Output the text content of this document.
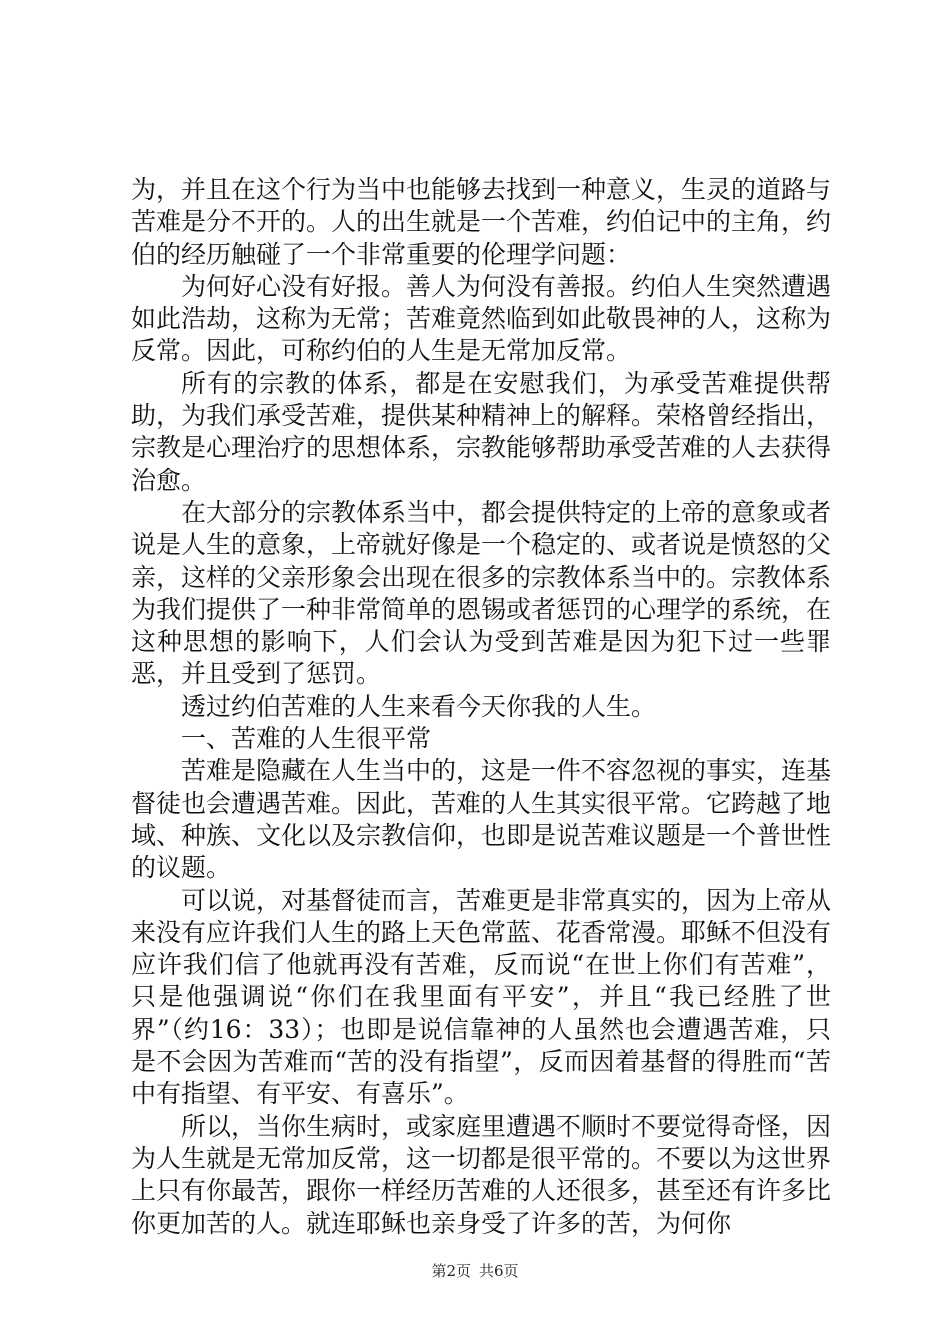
为，并且在这个行为当中也能够去找到一种意义，生灵的道路与苦难是分不开的。人的出生就是一个苦难，约伯记中的主角，约伯的经历触碰了一个非常重要的伦理学问题：

为何好心没有好报。善人为何没有善报。约伯人生突然遭遇如此浩劫，这称为无常；苦难竟然临到如此敬畏神的人，这称为反常。因此，可称约伯的人生是无常加反常。

所有的宗教的体系，都是在安慰我们，为承受苦难提供帮助，为我们承受苦难，提供某种精神上的解释。荣格曾经指出，宗教是心理治疗的思想体系，宗教能够帮助承受苦难的人去获得治愈。

在大部分的宗教体系当中，都会提供特定的上帝的意象或者说是人生的意象，上帝就好像是一个稳定的、或者说是愤怒的父亲，这样的父亲形象会出现在很多的宗教体系当中的。宗教体系为我们提供了一种非常简单的恩锡或者惩罚的心理学的系统，在这种思想的影响下，人们会认为受到苦难是因为犯下过一些罪恶，并且受到了惩罚。

透过约伯苦难的人生来看今天你我的人生。

一、苦难的人生很平常

苦难是隐藏在人生当中的，这是一件不容忽视的事实，连基督徒也会遭遇苦难。因此，苦难的人生其实很平常。它跨越了地域、种族、文化以及宗教信仰，也即是说苦难议题是一个普世性的议题。

可以说，对基督徒而言，苦难更是非常真实的，因为上帝从来没有应许我们人生的路上天色常蓝、花香常漫。耶稣不但没有应许我们信了他就再没有苦难，反而说“在世上你们有苦难”，只是他强调说“你们在我里面有平安”，并且“我已经胜了世界”（约16：33）；也即是说信靠神的人虽然也会遭遇苦难，只是不会因为苦难而“苦的没有指望”，反而因着基督的得胜而“苦中有指望、有平安、有喜乐”。

所以，当你生病时，或家庭里遭遇不顺时不要觉得奇怪，因为人生就是无常加反常，这一切都是很平常的。不要以为这世界上只有你最苦，跟你一样经历苦难的人还很多，甚至还有许多比你更加苦的人。就连耶稣也亲身受了许多的苦，为何你

第2页 共6页
